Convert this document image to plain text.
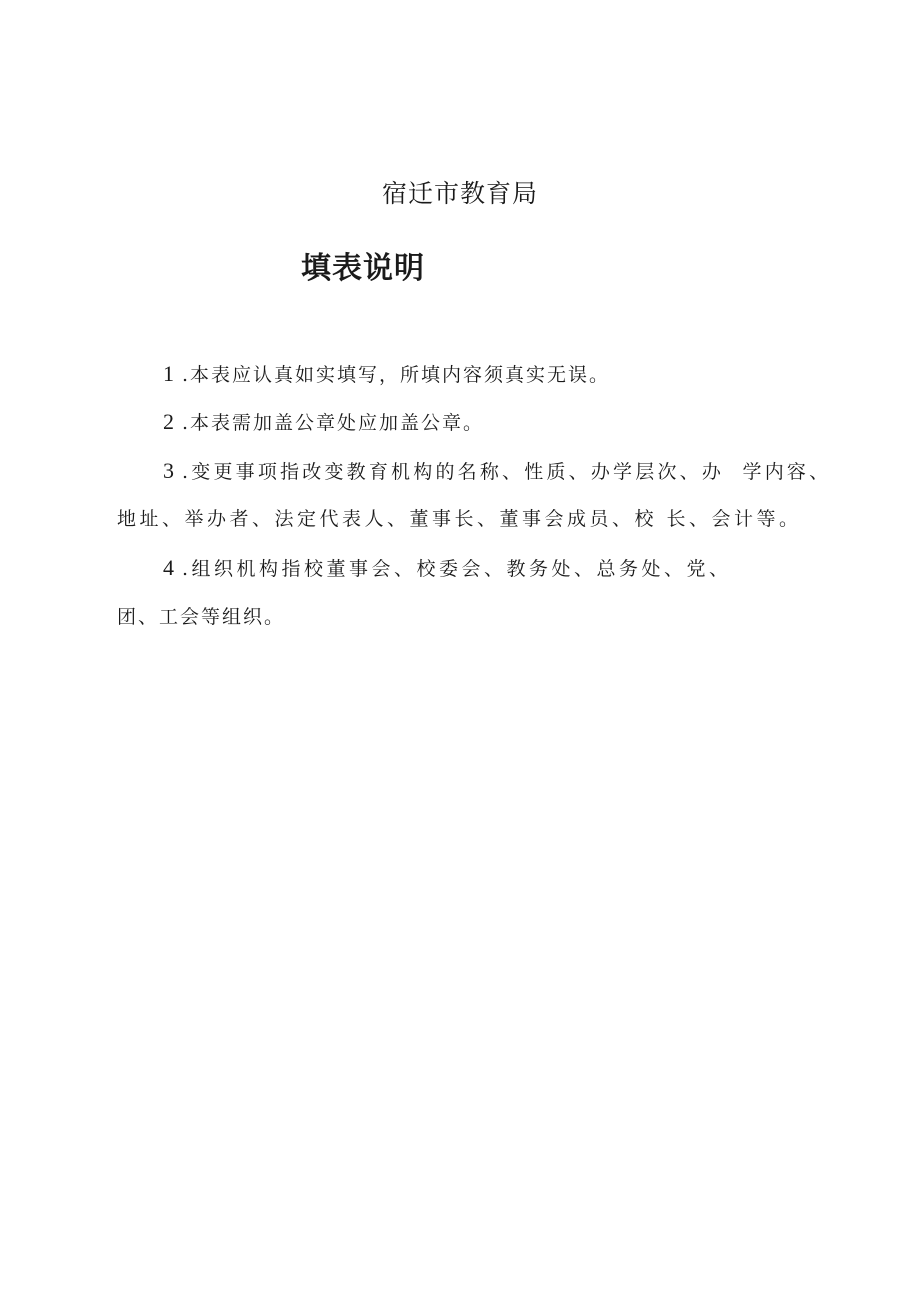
宿迁市教育局
填表说明
1 .本表应认真如实填写，所填内容须真实无误。
2 .本表需加盖公章处应加盖公章。
3 .变更事项指改变教育机构的名称、性质、办学层次、办  学内容、
地址、举办者、法定代表人、董事长、董事会成员、校 长、会计等。
4 .组织机构指校董事会、校委会、教务处、总务处、党、
团、工会等组织。
